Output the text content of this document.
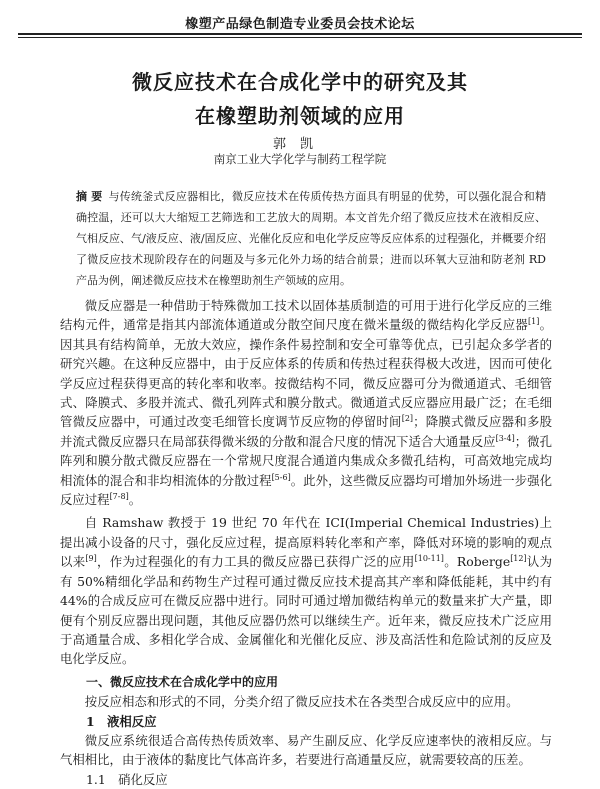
橡塑产品绿色制造专业委员会技术论坛
微反应技术在合成化学中的研究及其
在橡塑助剂领域的应用
郭凯
南京工业大学化学与制药工程学院
摘 要 与传统釜式反应器相比，微反应技术在传质传热方面具有明显的优势，可以强化混合和精确控温，还可以大大缩短工艺筛选和工艺放大的周期。本文首先介绍了微反应技术在液相反应、气相反应、气/液反应、液/固反应、光催化反应和电化学反应等反应体系的过程强化，并概要介绍了微反应技术现阶段存在的问题及与多元化外力场的结合前景；进而以环氧大豆油和防老剂 RD 产品为例，阐述微反应技术在橡塑助剂生产领域的应用。

微反应器是一种借助于特殊微加工技术以固体基质制造的可用于进行化学反应的三维结构元件，通常是指其内部流体通道或分散空间尺度在微米量级的微结构化学反应器[1]。因其具有结构简单，无放大效应，操作条件易控制和安全可靠等优点，已引起众多学者的研究兴趣。在这种反应器中，由于反应体系的传质和传热过程获得极大改进，因而可使化学反应过程获得更高的转化率和收率。按微结构不同，微反应器可分为微通道式、毛细管式、降膜式、多股并流式、微孔列阵式和膜分散式。微通道式反应器应用最广泛；在毛细管微反应器中，可通过改变毛细管长度调节反应物的停留时间[2]；降膜式微反应器和多股并流式微反应器只在局部获得微米级的分散和混合尺度的情况下适合大通量反应[3-4]；微孔阵列和膜分散式微反应器在一个常规尺度混合通道内集成众多微孔结构，可高效地完成均相流体的混合和非均相流体的分散过程[5-6]。此外，这些微反应器均可增加外场进一步强化反应过程[7-8]。

自 Ramshaw 教授于 19 世纪 70 年代在 ICI(Imperial Chemical Industries)上提出减小设备的尺寸，强化反应过程，提高原料转化率和产率，降低对环境的影响的观点以来[9]，作为过程强化的有力工具的微反应器已获得广泛的应用[10-11]。Roberge[12]认为有 50%精细化学品和药物生产过程可通过微反应技术提高其产率和降低能耗，其中约有 44%的合成反应可在微反应器中进行。同时可通过增加微结构单元的数量来扩大产量，即便有个别反应器出现问题，其他反应器仍然可以继续生产。近年来，微反应技术广泛应用于高通量合成、多相化学合成、金属催化和光催化反应、涉及高活性和危险试剂的反应及电化学反应。

一、微反应技术在合成化学中的应用

按反应相态和形式的不同，分类介绍了微反应技术在各类型合成反应中的应用。

1　液相反应

微反应系统很适合高传热传质效率、易产生副反应、化学反应速率快的液相反应。与气相相比，由于液体的黏度比气体高许多，若要进行高通量反应，就需要较高的压差。

1.1　硝化反应
